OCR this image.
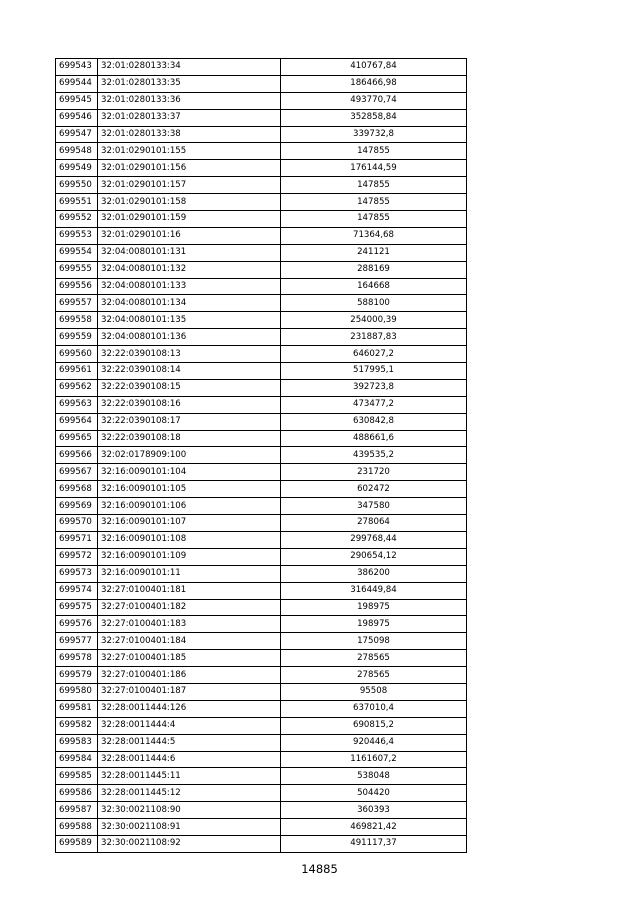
699543	32:01:0280133:34	410767,84
699544	32:01:0280133:35	186466,98
699545	32:01:0280133:36	493770,74
699546	32:01:0280133:37	352858,84
699547	32:01:0280133:38	339732,8
699548	32:01:0290101:155	147855
699549	32:01:0290101:156	176144,59
699550	32:01:0290101:157	147855
699551	32:01:0290101:158	147855
699552	32:01:0290101:159	147855
699553	32:01:0290101:16	71364,68
699554	32:04:0080101:131	241121
699555	32:04:0080101:132	288169
699556	32:04:0080101:133	164668
699557	32:04:0080101:134	588100
699558	32:04:0080101:135	254000,39
699559	32:04:0080101:136	231887,83
699560	32:22:0390108:13	646027,2
699561	32:22:0390108:14	517995,1
699562	32:22:0390108:15	392723,8
699563	32:22:0390108:16	473477,2
699564	32:22:0390108:17	630842,8
699565	32:22:0390108:18	488661,6
699566	32:02:0178909:100	439535,2
699567	32:16:0090101:104	231720
699568	32:16:0090101:105	602472
699569	32:16:0090101:106	347580
699570	32:16:0090101:107	278064
699571	32:16:0090101:108	299768,44
699572	32:16:0090101:109	290654,12
699573	32:16:0090101:11	386200
699574	32:27:0100401:181	316449,84
699575	32:27:0100401:182	198975
699576	32:27:0100401:183	198975
699577	32:27:0100401:184	175098
699578	32:27:0100401:185	278565
699579	32:27:0100401:186	278565
699580	32:27:0100401:187	95508
699581	32:28:0011444:126	637010,4
699582	32:28:0011444:4	690815,2
699583	32:28:0011444:5	920446,4
699584	32:28:0011444:6	1161607,2
699585	32:28:0011445:11	538048
699586	32:28:0011445:12	504420
699587	32:30:0021108:90	360393
699588	32:30:0021108:91	469821,42
699589	32:30:0021108:92	491117,37
14885
